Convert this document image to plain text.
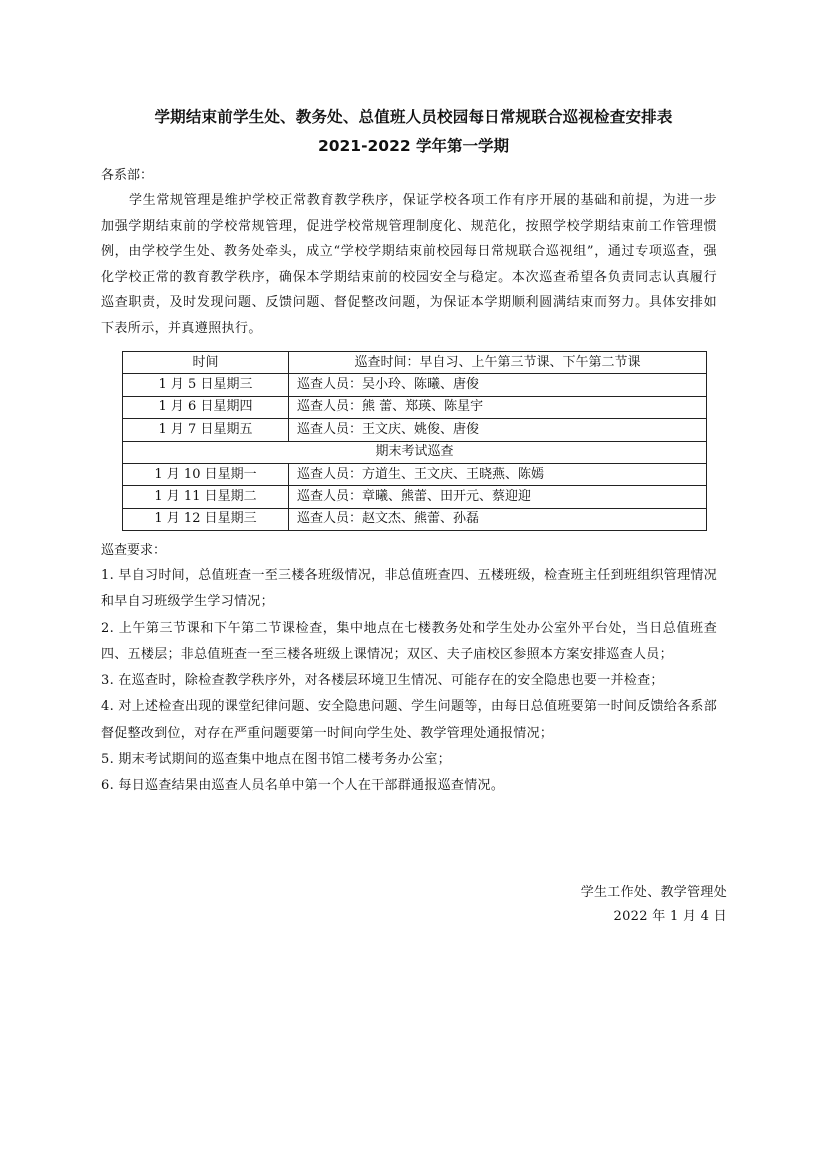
学期结束前学生处、教务处、总值班人员校园每日常规联合巡视检查安排表
2021-2022 学年第一学期
各系部：
学生常规管理是维护学校正常教育教学秩序，保证学校各项工作有序开展的基础和前提，为进一步加强学期结束前的学校常规管理，促进学校常规管理制度化、规范化，按照学校学期结束前工作管理惯例，由学校学生处、教务处牵头，成立“学校学期结束前校园每日常规联合巡视组”，通过专项巡查，强化学校正常的教育教学秩序，确保本学期结束前的校园安全与稳定。本次巡查希望各负责同志认真履行巡查职责，及时发现问题、反馈问题、督促整改问题，为保证本学期顺利圆满结束而努力。具体安排如下表所示，并真遵照执行。
时间	巡查时间：早自习、上午第三节课、下午第二节课
1 月 5 日星期三	巡查人员：吴小玲、陈曦、唐俊
1 月 6 日星期四	巡查人员：熊 蕾、郑瑛、陈星宇
1 月 7 日星期五	巡查人员：王文庆、姚俊、唐俊
期末考试巡查	
1 月 10 日星期一	巡查人员：方道生、王文庆、王晓燕、陈嫣
1 月 11 日星期二	巡查人员：章曦、熊蕾、田开元、蔡迎迎
1 月 12 日星期三	巡查人员：赵文杰、熊蕾、孙磊
巡查要求：
1. 早自习时间，总值班查一至三楼各班级情况，非总值班查四、五楼班级，检查班主任到班组织管理情况和早自习班级学生学习情况；
2. 上午第三节课和下午第二节课检查，集中地点在七楼教务处和学生处办公室外平台处，当日总值班查四、五楼层；非总值班查一至三楼各班级上课情况；双区、夫子庙校区参照本方案安排巡查人员；
3. 在巡查时，除检查教学秩序外，对各楼层环境卫生情况、可能存在的安全隐患也要一并检查；
4. 对上述检查出现的课堂纪律问题、安全隐患问题、学生问题等，由每日总值班要第一时间反馈给各系部督促整改到位，对存在严重问题要第一时间向学生处、教学管理处通报情况；
5. 期末考试期间的巡查集中地点在图书馆二楼考务办公室；
6. 每日巡查结果由巡查人员名单中第一个人在干部群通报巡查情况。
学生工作处、教学管理处
2022 年 1 月 4 日
